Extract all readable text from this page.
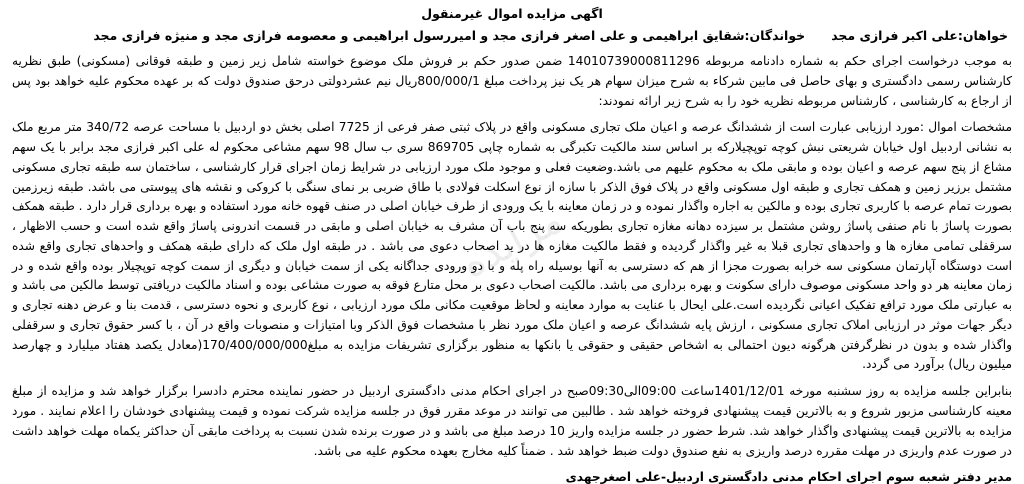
مزایده
اگهی مزایده اموال غیرمنقول
خواهان:علی اکبر فرازی مجد
خواندگان:شقایق ابراهیمی و علی اصغر فرازی مجد و امیررسول ابراهیمی و معصومه فرازی مجد و منیژه فرازی مجد

به موجب درخواست اجرای حکم به شماره دادنامه مربوطه 14010739000811296 ضمن صدور حکم بر فروش ملک موضوع خواسته شامل زیر زمین و طبقه فوقانی (مسکونی) طبق نظریه کارشناس رسمی دادگستری و بهای حاصل فی مابین شرکاء به شرح میزان سهام هر یک نیز پرداخت مبلغ 800/000/1ریال نیم عشردولتی درحق صندوق دولت که بر عهده محکوم علیه خواهد بود پس از ارجاع به کارشناسی ، کارشناس مربوطه نظریه خود را به شرح زیر ارائه نمودند:

مشخصات اموال :مورد ارزیابی عبارت است از ششدانگ عرصه و اعیان ملک تجاری مسکونی واقع در پلاک ثبتی صفر فرعی از 7725 اصلی بخش دو اردبیل با مساحت عرصه 340/72 متر مربع ملک به نشانی اردبیل اول خیابان شریعتی نبش کوچه توپچیلارکه بر اساس سند مالکیت تکبرگی به شماره چاپی 869705 سری ب سال 98 سهم مشاعی محکوم له علی اکبر فرازی مجد برابر با یک سهم مشاع از پنج سهم عرصه و اعیان بوده و مابقی ملک به محکوم علیهم می باشد.وضعیت فعلی و موجود ملک مورد ارزیابی در شرایط زمان اجرای قرار کارشناسی ، ساختمان سه طبقه تجاری مسکونی مشتمل برزیر زمین و همکف تجاری و طبقه اول مسکونی واقع در پلاک فوق الذکر با سازه از نوع اسکلت فولادی با طاق ضربی بر نمای سنگی با کروکی و نقشه های پیوستی می باشد. طبقه زیرزمین بصورت تمام عرصه با کاربری تجاری بوده و مالکین به اجاره واگذار نموده و در زمان معاینه با یک ورودی از طرف خیابان اصلی در صنف قهوه خانه مورد استفاده و بهره برداری قرار دارد . طبقه همکف بصورت پاساژ با نام صنفی پاساژ روشن مشتمل بر سیزده دهانه مغازه تجاری بطوریکه سه پنج باب آن مشرف به خیابان اصلی و مابقی در قسمت اندرونی پاساژ واقع شده است و حسب الاظهار ، سرقفلی تمامی مغازه ها و واحدهای تجاری قبلا به غیر واگذار گردیده و فقط مالکیت مغازه ها در ید اصحاب دعوی می باشد . در طبقه اول ملک که دارای طبقه همکف و واحدهای تجاری واقع شده است دوستگاه آپارتمان مسکونی سه خرابه بصورت مجزا از هم که دسترسی به آنها بوسیله راه پله و با دو ورودی جداگانه یکی از سمت خیابان و دیگری از سمت کوچه توپچیلار بوده واقع شده و در زمان معاینه هر دو واحد مسکونی موصوف دارای سکونت و بهره برداری می باشد. مالکیت اصحاب دعوی بر محل متارع فوقه به صورت مشاعی بوده و اسناد مالکیت دریافتی توسط مالکین می باشد و به عبارتی ملک مورد ترافع تفکیک اعیانی نگردیده است.علی ایحال با عنایت به موارد معاینه و لحاظ موقعیت مکانی ملک مورد ارزیابی ، نوع کاربری و نحوه دسترسی ، قدمت بنا و عرض دهنه تجاری و دیگر جهات موثر در ارزیابی املاک تجاری مسکونی ، ارزش پایه ششدانگ عرصه و اعیان ملک مورد نظر با مشخصات فوق الذکر وبا امتیازات و منصوبات واقع در آن ، با کسر حقوق تجاری و سرقفلی واگذار شده و بدون در نظرگرفتن هرگونه دیون احتمالی به اشخاص حقیقی و حقوقی یا بانکها به منظور برگزاری تشریفات مزایده به مبلغ170/400/000/000(معادل یکصد هفتاد میلیارد و چهارصد میلیون ریال) برآورد می گردد.

بنابراین جلسه مزایده به روز سشنبه مورخه 1401/12/01ساعت 09:00الی09:30صبح در اجرای احکام مدنی دادگستری اردبیل در حضور نماینده محترم دادسرا برگزار خواهد شد و مزایده از مبلغ معینه کارشناسی مزبور شروع و به بالاترین قیمت پیشنهادی فروخته خواهد شد . طالبین می توانند در موعد مقرر فوق در جلسه مزایده شرکت نموده و قیمت پیشنهادی خودشان را اعلام نمایند . مورد مزایده به بالاترین قیمت پیشنهادی واگذار خواهد شد. شرط حضور در جلسه مزایده واریز 10 درصد مبلغ می باشد و در صورت برنده شدن نسبت به پرداخت مابقی آن حداکثر یکماه مهلت خواهد داشت در صورت عدم واریزی در مهلت مقرره درصد واریزی به نفع صندوق دولت ضبط خواهد شد . ضمناً کلیه مخارج بعهده محکوم علیه می باشد.

مدیر دفتر شعبه سوم اجرای احکام مدنی دادگستری اردبیل-علی اصغرجهدی
